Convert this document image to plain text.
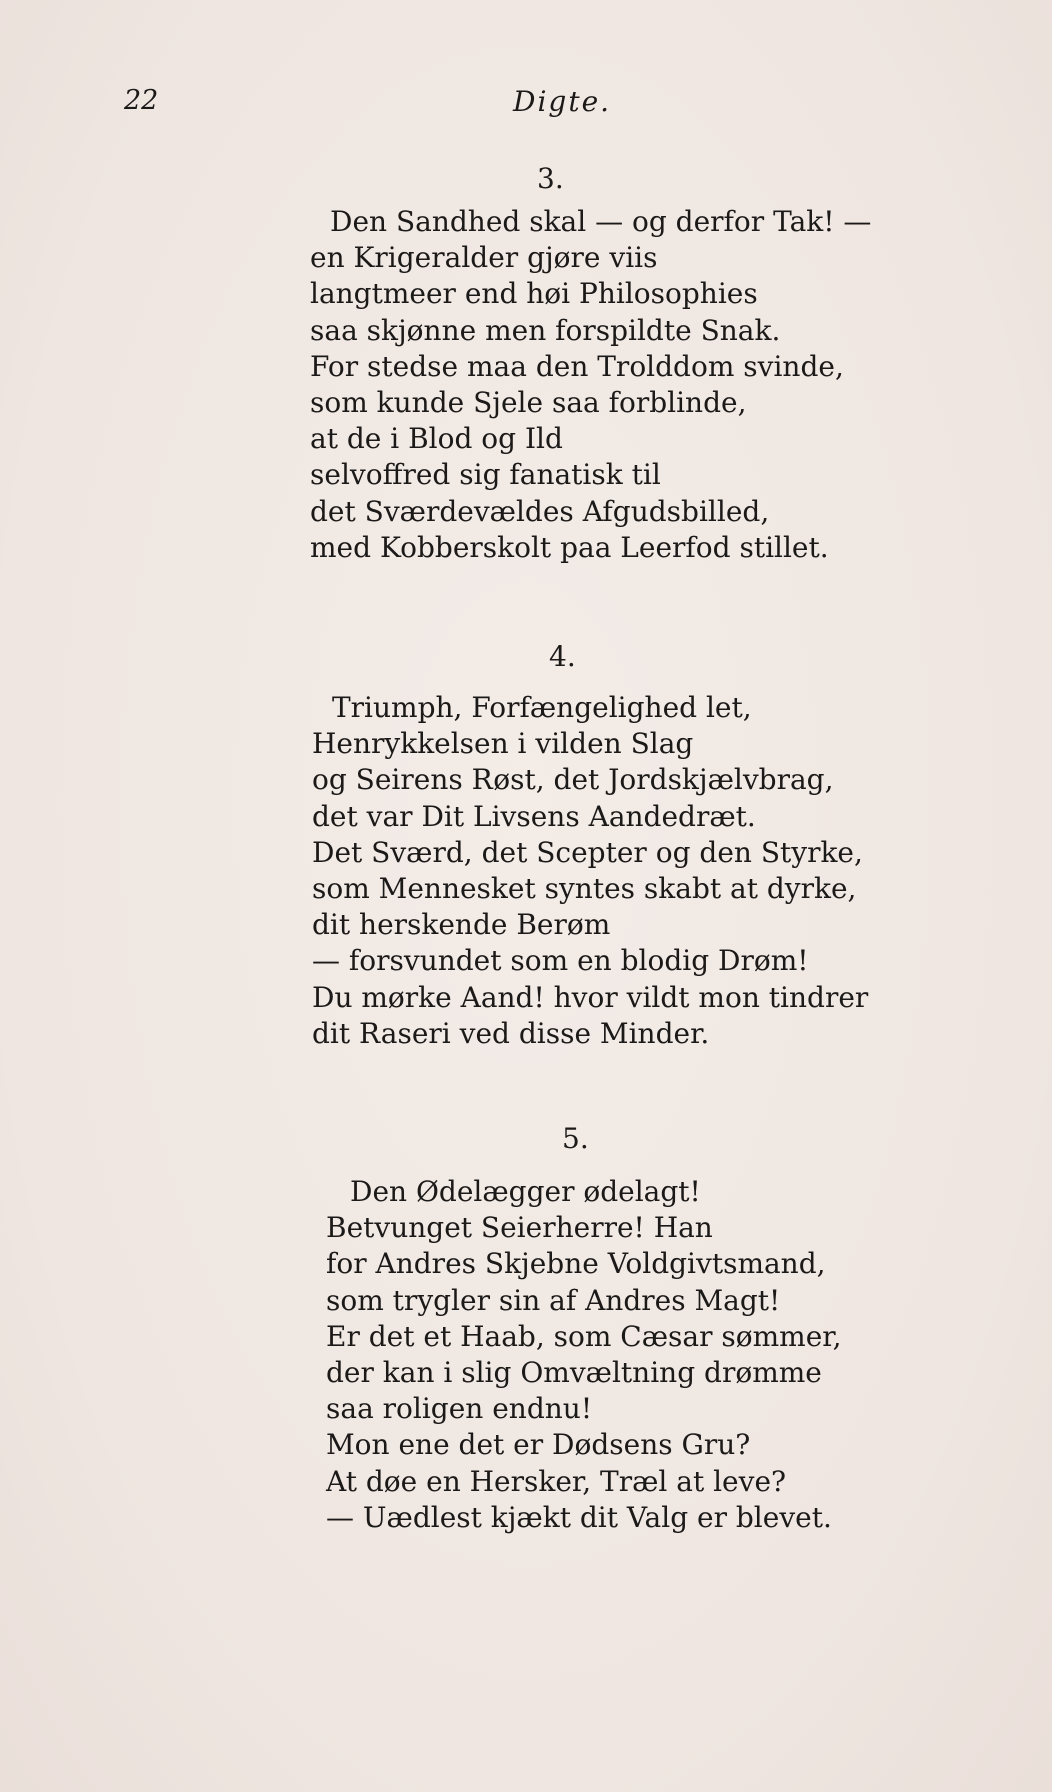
22	Digte.
3.
Den Sandhed skal — og derfor Tak! —
en Krigeralder gjøre viis
langtmeer end høi Philosophies
saa skjønne men forspildte Snak.
For stedse maa den Trolddom svinde,
som kunde Sjele saa forblinde,
at de i Blod og Ild
selvoffred sig fanatisk til
det Sværdevældes Afgudsbilled,
med Kobberskolt paa Leerfod stillet.
4.
Triumph, Forfængelighed let,
Henrykkelsen i vilden Slag
og Seirens Røst, det Jordskjælvbrag,
det var Dit Livsens Aandedræt.
Det Sværd, det Scepter og den Styrke,
som Mennesket syntes skabt at dyrke,
dit herskende Berøm
— forsvundet som en blodig Drøm!
Du mørke Aand! hvor vildt mon tindrer
dit Raseri ved disse Minder.
5.
Den Ødelægger ødelagt!
Betvunget Seierherre! Han
for Andres Skjebne Voldgivtsmand,
som trygler sin af Andres Magt!
Er det et Haab, som Cæsar sømmer,
der kan i slig Omvæltning drømme
saa roligen endnu!
Mon ene det er Dødsens Gru?
At døe en Hersker, Træl at leve?
— Uædlest kjækt dit Valg er blevet.
